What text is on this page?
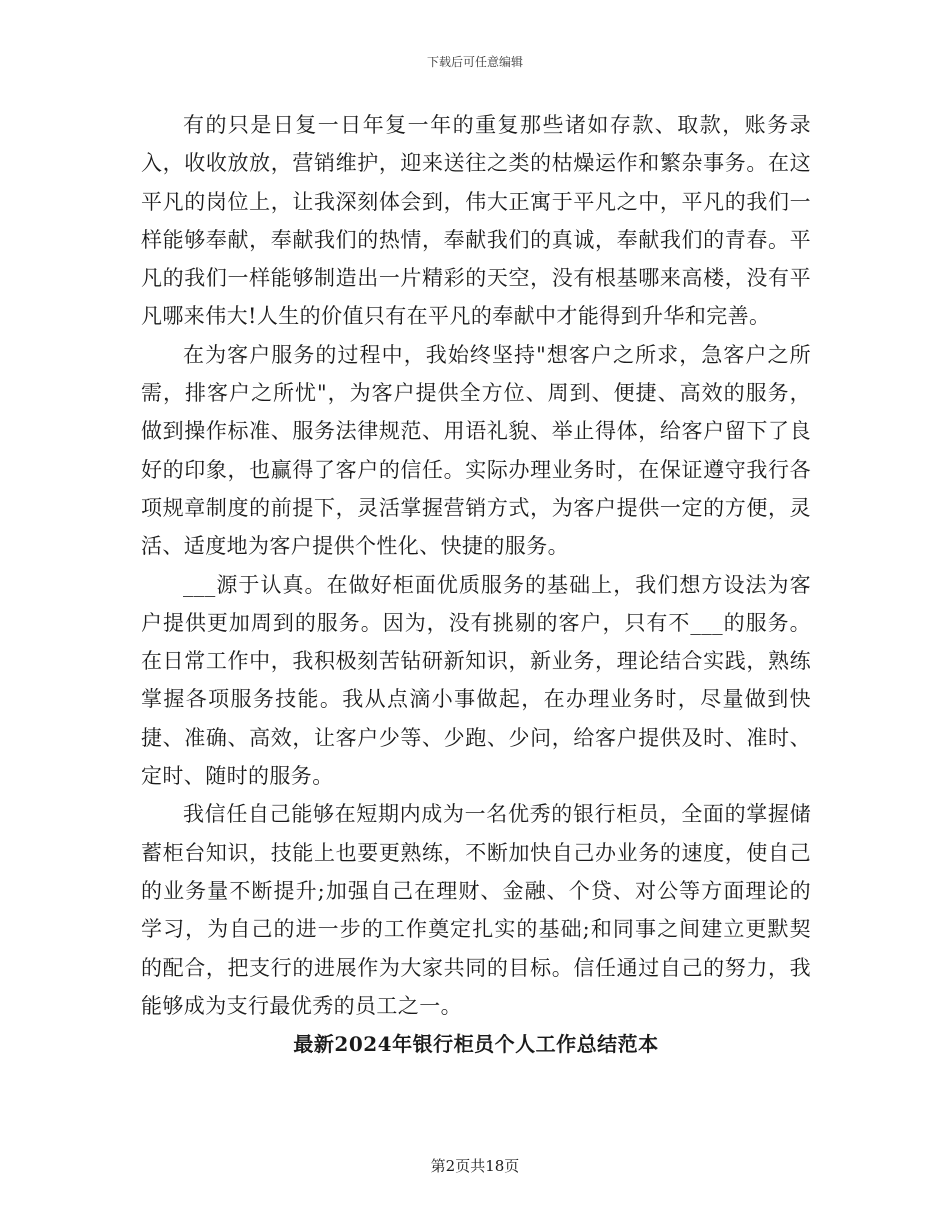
下载后可任意编辑

有的只是日复一日年复一年的重复那些诸如存款、取款，账务录入，收收放放，营销维护，迎来送往之类的枯燥运作和繁杂事务。在这平凡的岗位上，让我深刻体会到，伟大正寓于平凡之中，平凡的我们一样能够奉献，奉献我们的热情，奉献我们的真诚，奉献我们的青春。平凡的我们一样能够制造出一片精彩的天空，没有根基哪来高楼，没有平凡哪来伟大!人生的价值只有在平凡的奉献中才能得到升华和完善。

在为客户服务的过程中，我始终坚持"想客户之所求，急客户之所需，排客户之所忧"，为客户提供全方位、周到、便捷、高效的服务，做到操作标准、服务法律规范、用语礼貌、举止得体，给客户留下了良好的印象，也赢得了客户的信任。实际办理业务时，在保证遵守我行各项规章制度的前提下，灵活掌握营销方式，为客户提供一定的方便，灵活、适度地为客户提供个性化、快捷的服务。

___源于认真。在做好柜面优质服务的基础上，我们想方设法为客户提供更加周到的服务。因为，没有挑剔的客户，只有不___的服务。在日常工作中，我积极刻苦钻研新知识，新业务，理论结合实践，熟练掌握各项服务技能。我从点滴小事做起，在办理业务时，尽量做到快捷、准确、高效，让客户少等、少跑、少问，给客户提供及时、准时、定时、随时的服务。

我信任自己能够在短期内成为一名优秀的银行柜员，全面的掌握储蓄柜台知识，技能上也要更熟练，不断加快自己办业务的速度，使自己的业务量不断提升;加强自己在理财、金融、个贷、对公等方面理论的学习，为自己的进一步的工作奠定扎实的基础;和同事之间建立更默契的配合，把支行的进展作为大家共同的目标。信任通过自己的努力，我能够成为支行最优秀的员工之一。

最新2024年银行柜员个人工作总结范本
第2页共18页
